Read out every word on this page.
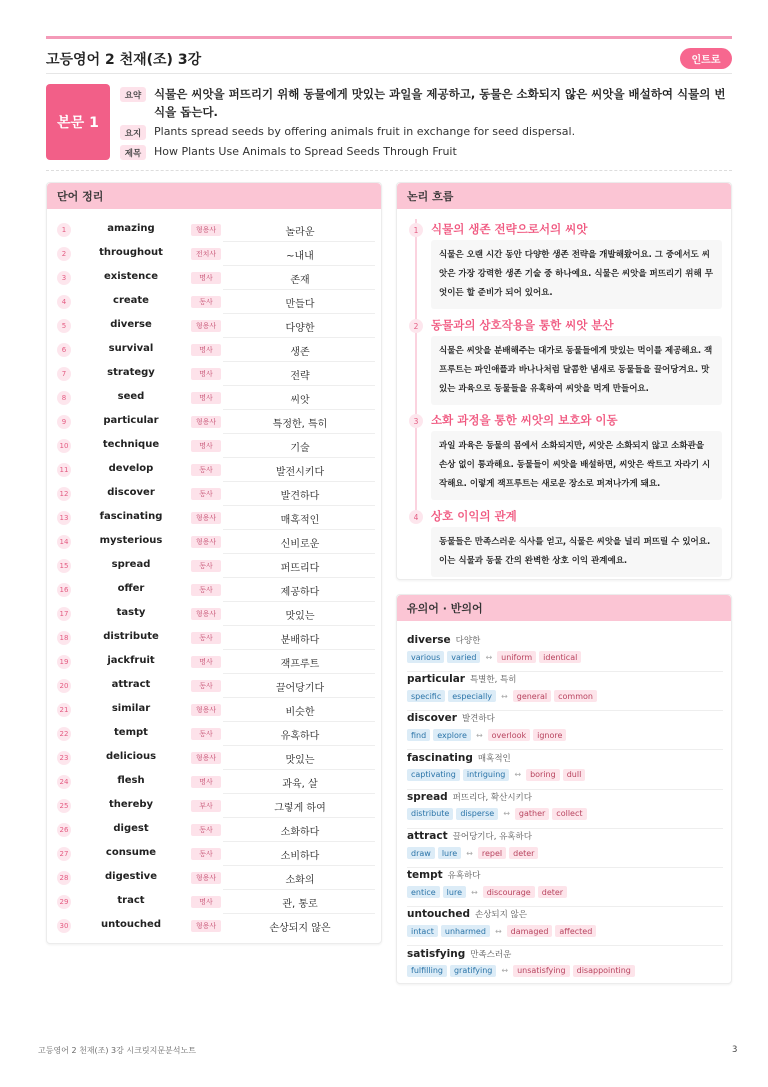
고등영어 2 천재(조) 3강	인트로
본문 1
요약	식물은 씨앗을 퍼뜨리기 위해 동물에게 맛있는 과일을 제공하고, 동물은 소화되지 않은 씨앗을 배설하여 식물의 번식을 돕는다.
요지	Plants spread seeds by offering animals fruit in exchange for seed dispersal.
제목	How Plants Use Animals to Spread Seeds Through Fruit
단어 정리
1	amazing	형용사	놀라운
2	throughout	전치사	~내내
3	existence	명사	존재
4	create	동사	만들다
5	diverse	형용사	다양한
6	survival	명사	생존
7	strategy	명사	전략
8	seed	명사	씨앗
9	particular	형용사	특정한, 특히
10	technique	명사	기술
11	develop	동사	발전시키다
12	discover	동사	발견하다
13	fascinating	형용사	매혹적인
14	mysterious	형용사	신비로운
15	spread	동사	퍼뜨리다
16	offer	동사	제공하다
17	tasty	형용사	맛있는
18	distribute	동사	분배하다
19	jackfruit	명사	잭프루트
20	attract	동사	끌어당기다
21	similar	형용사	비슷한
22	tempt	동사	유혹하다
23	delicious	형용사	맛있는
24	flesh	명사	과육, 살
25	thereby	부사	그렇게 하여
26	digest	동사	소화하다
27	consume	동사	소비하다
28	digestive	형용사	소화의
29	tract	명사	관, 통로
30	untouched	형용사	손상되지 않은
논리 흐름
1	식물의 생존 전략으로서의 씨앗
식물은 오랜 시간 동안 다양한 생존 전략을 개발해왔어요. 그 중에서도 씨앗은 가장 강력한 생존 기술 중 하나예요. 식물은 씨앗을 퍼뜨리기 위해 무엇이든 할 준비가 되어 있어요.
2	동물과의 상호작용을 통한 씨앗 분산
식물은 씨앗을 분배해주는 대가로 동물들에게 맛있는 먹이를 제공해요. 잭프루트는 파인애플과 바나나처럼 달콤한 냄새로 동물들을 끌어당겨요. 맛있는 과육으로 동물들을 유혹하여 씨앗을 먹게 만들어요.
3	소화 과정을 통한 씨앗의 보호와 이동
과일 과육은 동물의 몸에서 소화되지만, 씨앗은 소화되지 않고 소화관을 손상 없이 통과해요. 동물들이 씨앗을 배설하면, 씨앗은 싹트고 자라기 시작해요. 이렇게 잭프루트는 새로운 장소로 퍼져나가게 돼요.
4	상호 이익의 관계
동물들은 만족스러운 식사를 얻고, 식물은 씨앗을 널리 퍼뜨릴 수 있어요. 이는 식물과 동물 간의 완벽한 상호 이익 관계예요.
유의어 · 반의어
diverse 다양한
various	varied	↔	uniform	identical
particular 특별한, 특히
specific	especially	↔	general	common
discover 발견하다
find	explore	↔	overlook	ignore
fascinating 매혹적인
captivating	intriguing	↔	boring	dull
spread 퍼뜨리다, 확산시키다
distribute	disperse	↔	gather	collect
attract 끌어당기다, 유혹하다
draw	lure	↔	repel	deter
tempt 유혹하다
entice	lure	↔	discourage	deter
untouched 손상되지 않은
intact	unharmed	↔	damaged	affected
satisfying 만족스러운
fulfilling	gratifying	↔	unsatisfying	disappointing
고등영어 2 천재(조) 3강 시크릿지문분석노트	3
